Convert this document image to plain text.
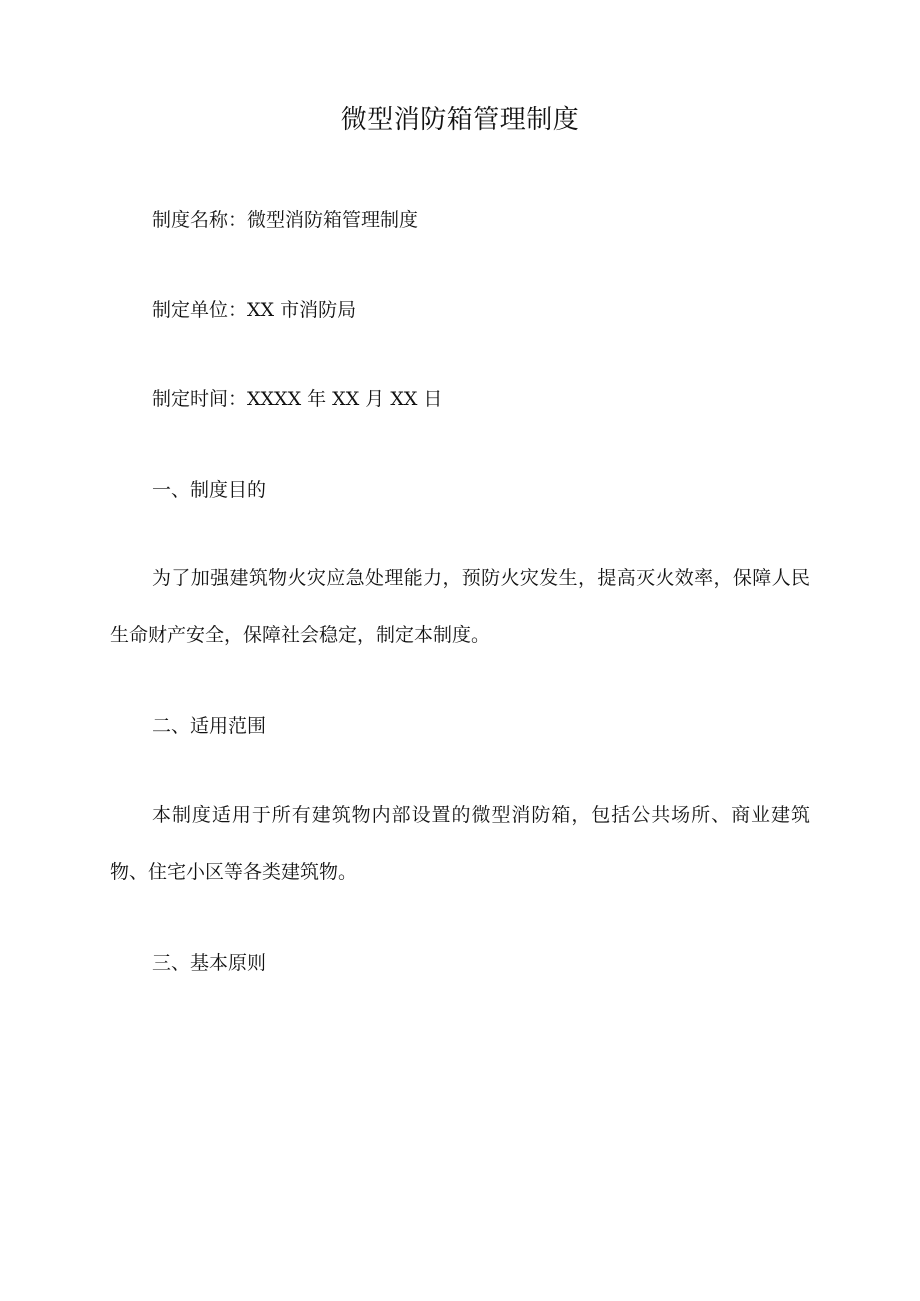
微型消防箱管理制度
制度名称：微型消防箱管理制度
制定单位：XX 市消防局
制定时间：XXXX 年 XX 月 XX 日
一、制度目的
为了加强建筑物火灾应急处理能力，预防火灾发生，提高灭火效率，保障人民生命财产安全，保障社会稳定，制定本制度。
二、适用范围
本制度适用于所有建筑物内部设置的微型消防箱，包括公共场所、商业建筑物、住宅小区等各类建筑物。
三、基本原则
